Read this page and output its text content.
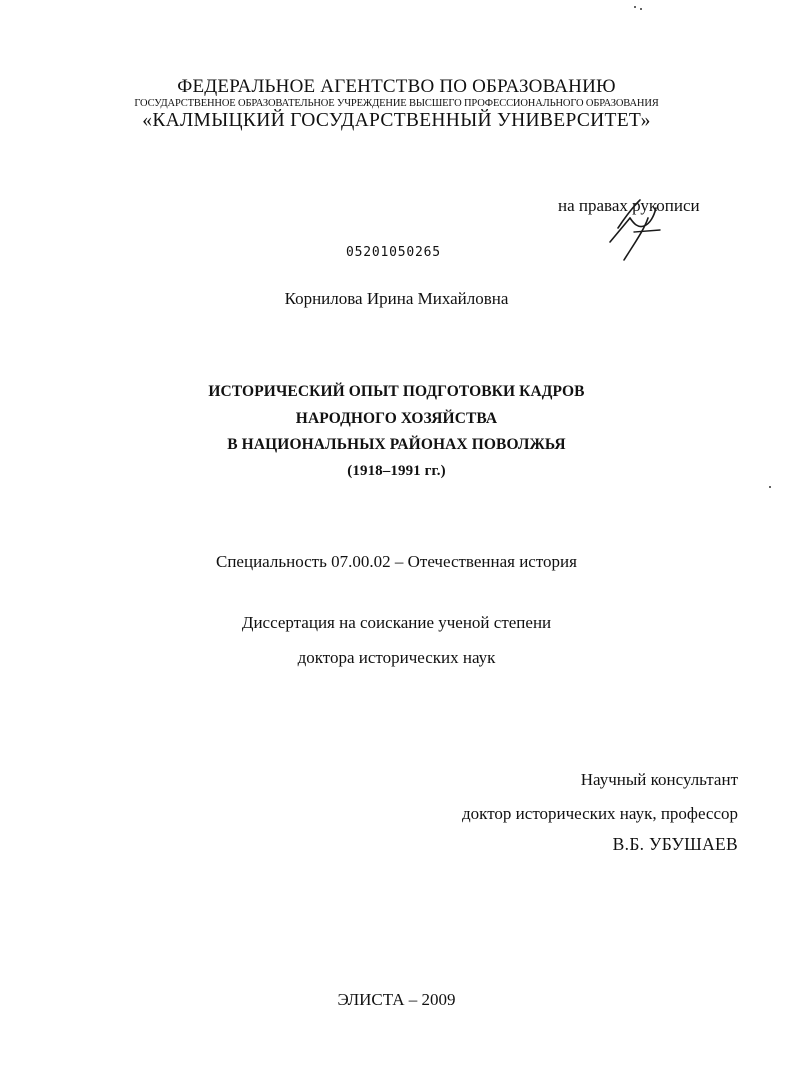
ФЕДЕРАЛЬНОЕ АГЕНТСТВО ПО ОБРАЗОВАНИЮ
ГОСУДАРСТВЕННОЕ ОБРАЗОВАТЕЛЬНОЕ УЧРЕЖДЕНИЕ ВЫСШЕГО ПРОФЕССИОНАЛЬНОГО ОБРАЗОВАНИЯ
«КАЛМЫЦКИЙ ГОСУДАРСТВЕННЫЙ УНИВЕРСИТЕТ»
на правах рукописи
05201050265
Корнилова Ирина Михайловна
ИСТОРИЧЕСКИЙ ОПЫТ ПОДГОТОВКИ КАДРОВ
НАРОДНОГО ХОЗЯЙСТВА
В НАЦИОНАЛЬНЫХ РАЙОНАХ ПОВОЛЖЬЯ
(1918–1991 гг.)
Специальность 07.00.02 – Отечественная история
Диссертация на соискание ученой степени
доктора исторических наук
Научный консультант
доктор исторических наук, профессор
В.Б. УБУШАЕВ
ЭЛИСТА – 2009
